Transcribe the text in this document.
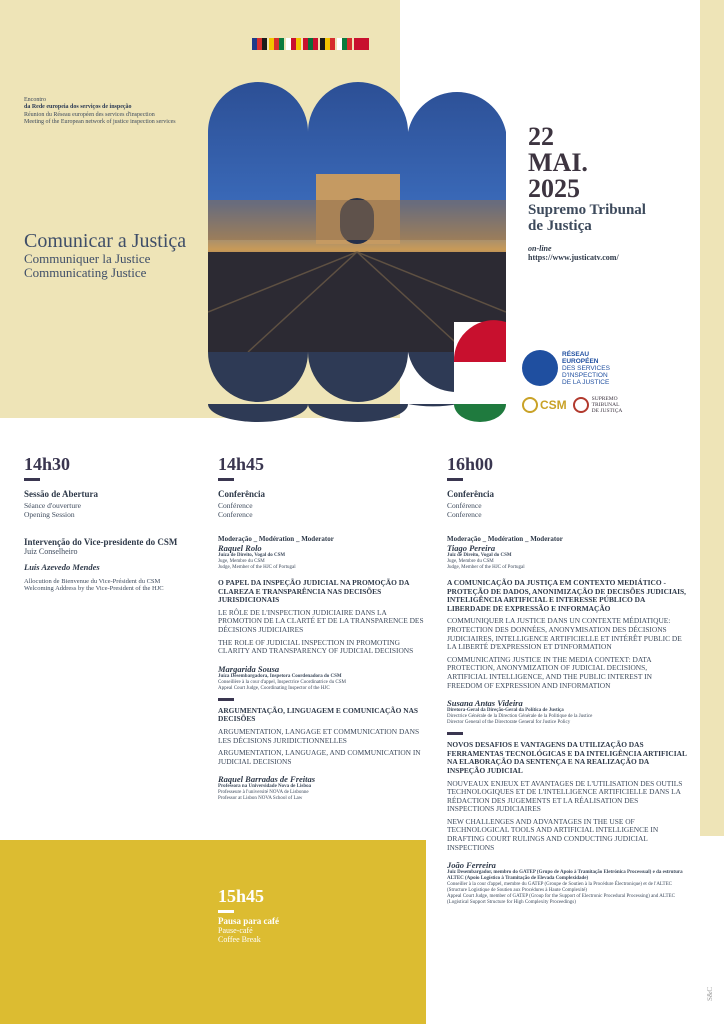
Encontro
da Rede europeia dos serviços de inspeção
Réunion du Réseau européen des services d'inspection
Meeting of the European network of justice inspection services
Comunicar a Justiça
Communiquer la Justice
Communicating Justice
22
MAI.
2025
Supremo Tribunal
de Justiça
on-line
https://www.justicatv.com/
RÉSEAU
EUROPÉEN
DES SERVICES
D'INSPECTION
DE LA JUSTICE
CSM	SUPREMO
TRIBUNAL
DE JUSTIÇA
14h30
Sessão de Abertura
Séance d'ouverture
Opening Session
Intervenção do Vice-presidente do CSM
Juiz Conselheiro
Luís Azevedo Mendes
Allocution de Bienvenue du Vice-Président du CSM
Welcoming Address by the Vice-President of the HJC
14h45
Conferência
Conférence
Conference
Moderação _ Modération _ Moderator
Raquel Rolo
Juíza de Direito, Vogal do CSM
Juge, Membre du CSM
Judge, Member of the HJC of Portugal
O PAPEL DA INSPEÇÃO JUDICIAL NA PROMOÇÃO DA CLAREZA E TRANSPARÊNCIA NAS DECISÕES JURISDICIONAIS
LE RÔLE DE L'INSPECTION JUDICIAIRE DANS LA PROMOTION DE LA CLARTÉ ET DE LA TRANSPARENCE DES DÉCISIONS JUDICIAIRES
THE ROLE OF JUDICIAL INSPECTION IN PROMOTING CLARITY AND TRANSPARENCY OF JUDICIAL DECISIONS
Margarida Sousa
Juíza Desembargadora, Inspetora Coordenadora do CSM
Conseillère à la cour d'appel, Inspectrice Coordinatrice du CSM
Appeal Court Judge, Coordinating Inspector of the HJC
ARGUMENTAÇÃO, LINGUAGEM E COMUNICAÇÃO NAS DECISÕES
ARGUMENTATION, LANGAGE ET COMMUNICATION DANS LES DÉCISIONS JURIDICTIONNELLES
ARGUMENTATION, LANGUAGE, AND COMMUNICATION IN JUDICIAL DECISIONS
Raquel Barradas de Freitas
Professora na Universidade Nova de Lisboa
Professeure à l'université NOVA de Lisbonne
Professor at Lisbon NOVA School of Law
16h00
Conferência
Conférence
Conference
Moderação _ Modération _ Moderator
Tiago Pereira
Juiz de Direito, Vogal do CSM
Juge, Membre du CSM
Judge, Member of the HJC of Portugal
A COMUNICAÇÃO DA JUSTIÇA EM CONTEXTO MEDIÁTICO - PROTEÇÃO DE DADOS, ANONIMIZAÇÃO DE DECISÕES JUDICIAIS, INTELIGÊNCIA ARTIFICIAL E INTERESSE PÚBLICO DA LIBERDADE DE EXPRESSÃO E INFORMAÇÃO
COMMUNIQUER LA JUSTICE DANS UN CONTEXTE MÉDIATIQUE: PROTECTION DES DONNÉES, ANONYMISATION DES DÉCISIONS JUDICIAIRES, INTELLIGENCE ARTIFICIELLE ET INTÉRÊT PUBLIC DE LA LIBERTÉ D'EXPRESSION ET D'INFORMATION
COMMUNICATING JUSTICE IN THE MEDIA CONTEXT: DATA PROTECTION, ANONYMIZATION OF JUDICIAL DECISIONS, ARTIFICIAL INTELLIGENCE, AND THE PUBLIC INTEREST IN FREEDOM OF EXPRESSION AND INFORMATION
Susana Antas Videira
Diretora-Geral da Direção-Geral da Política de Justiça
Directrice Générale de la Direction Générale de la Politique de la Justice
Director General of the Directorate General for Justice Policy
NOVOS DESAFIOS E VANTAGENS DA UTILIZAÇÃO DAS FERRAMENTAS TECNOLÓGICAS E DA INTELIGÊNCIA ARTIFICIAL NA ELABORAÇÃO DA SENTENÇA E NA REALIZAÇÃO DA INSPEÇÃO JUDICIAL
NOUVEAUX ENJEUX ET AVANTAGES DE L'UTILISATION DES OUTILS TECHNOLOGIQUES ET DE L'INTELLIGENCE ARTIFICIELLE DANS LA RÉDACTION DES JUGEMENTS ET LA RÉALISATION DES INSPECTIONS JUDICIAIRES
NEW CHALLENGES AND ADVANTAGES IN THE USE OF TECHNOLOGICAL TOOLS AND ARTIFICIAL INTELLIGENCE IN DRAFTING COURT RULINGS AND CONDUCTING JUDICIAL INSPECTIONS
João Ferreira
Juiz Desembargador, membro do GATEP (Grupo de Apoio à Tramitação Eletrónica Processual) e da estrutura ALTEC (Apoio Logístico à Tramitação de Elevada Complexidade)
Conseiller à la cour d'appel, membre du GATEP (Groupe de Soutien à la Procédure Électronique) et de l'ALTEC (Structure Logistique de Soutien aux Procédures à Haute Complexité)
Appeal Court Judge, member of GATEP (Group for the Support of Electronic Procedural Processing) and ALTEC (Logistical Support Structure for High Complexity Proceedings)
15h45
Pausa para café
Pause-café
Coffee Break
S&C
